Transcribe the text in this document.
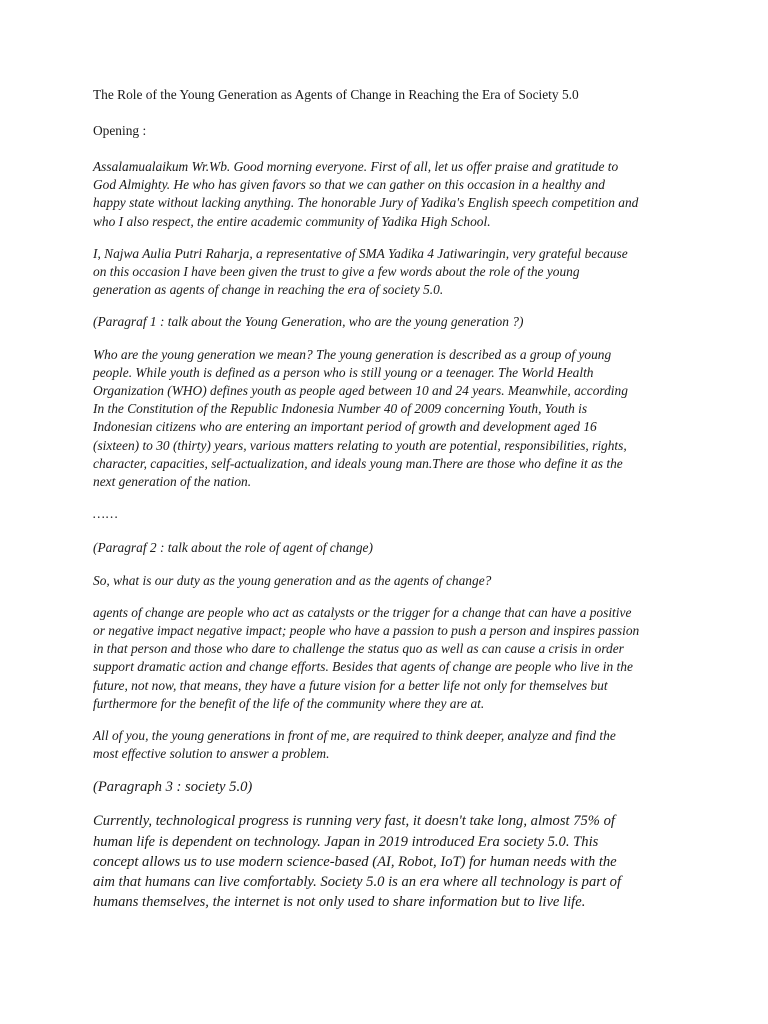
The Role of the Young Generation as Agents of Change in Reaching the Era of Society 5.0
Opening :
Assalamualaikum Wr.Wb. Good morning everyone. First of all, let us offer praise and gratitude to
God Almighty. He who has given favors so that we can gather on this occasion in a healthy and
happy state without lacking anything. The honorable Jury of Yadika's English speech competition and
who I also respect, the entire academic community of Yadika High School.
I, Najwa Aulia Putri Raharja, a representative of SMA Yadika 4 Jatiwaringin, very grateful because
on this occasion I have been given the trust to give a few words about the role of the young
generation as agents of change in reaching the era of society 5.0.
(Paragraf 1 : talk about the Young Generation, who are the young generation ?)
Who are the young generation we mean? The young generation is described as a group of young
people. While youth is defined as a person who is still young or a teenager. The World Health
Organization (WHO) defines youth as people aged between 10 and 24 years. Meanwhile, according
In the Constitution of the Republic Indonesia Number 40 of 2009 concerning Youth, Youth is
Indonesian citizens who are entering an important period of growth and development aged 16
(sixteen) to 30 (thirty) years, various matters relating to youth are potential, responsibilities, rights,
character, capacities, self-actualization, and ideals young man.There are those who define it as the
next generation of the nation.
……
(Paragraf 2 : talk about the role of agent of change)
So, what is our duty as the young generation and as the agents of change?
agents of change are people who act as catalysts or the trigger for a change that can have a positive
or negative impact negative impact; people who have a passion to push a person and inspires passion
in that person and those who dare to challenge the status quo as well as can cause a crisis in order
support dramatic action and change efforts. Besides that agents of change are people who live in the
future, not now, that means, they have a future vision for a better life not only for themselves but
furthermore for the benefit of the life of the community where they are at.
All of you, the young generations in front of me, are required to think deeper, analyze and find the
most effective solution to answer a problem.
(Paragraph 3 : society 5.0)
Currently, technological progress is running very fast, it doesn't take long, almost 75% of
human life is dependent on technology. Japan in 2019 introduced Era society 5.0. This
concept allows us to use modern science-based (AI, Robot, IoT) for human needs with the
aim that humans can live comfortably. Society 5.0 is an era where all technology is part of
humans themselves, the internet is not only used to share information but to live life.
